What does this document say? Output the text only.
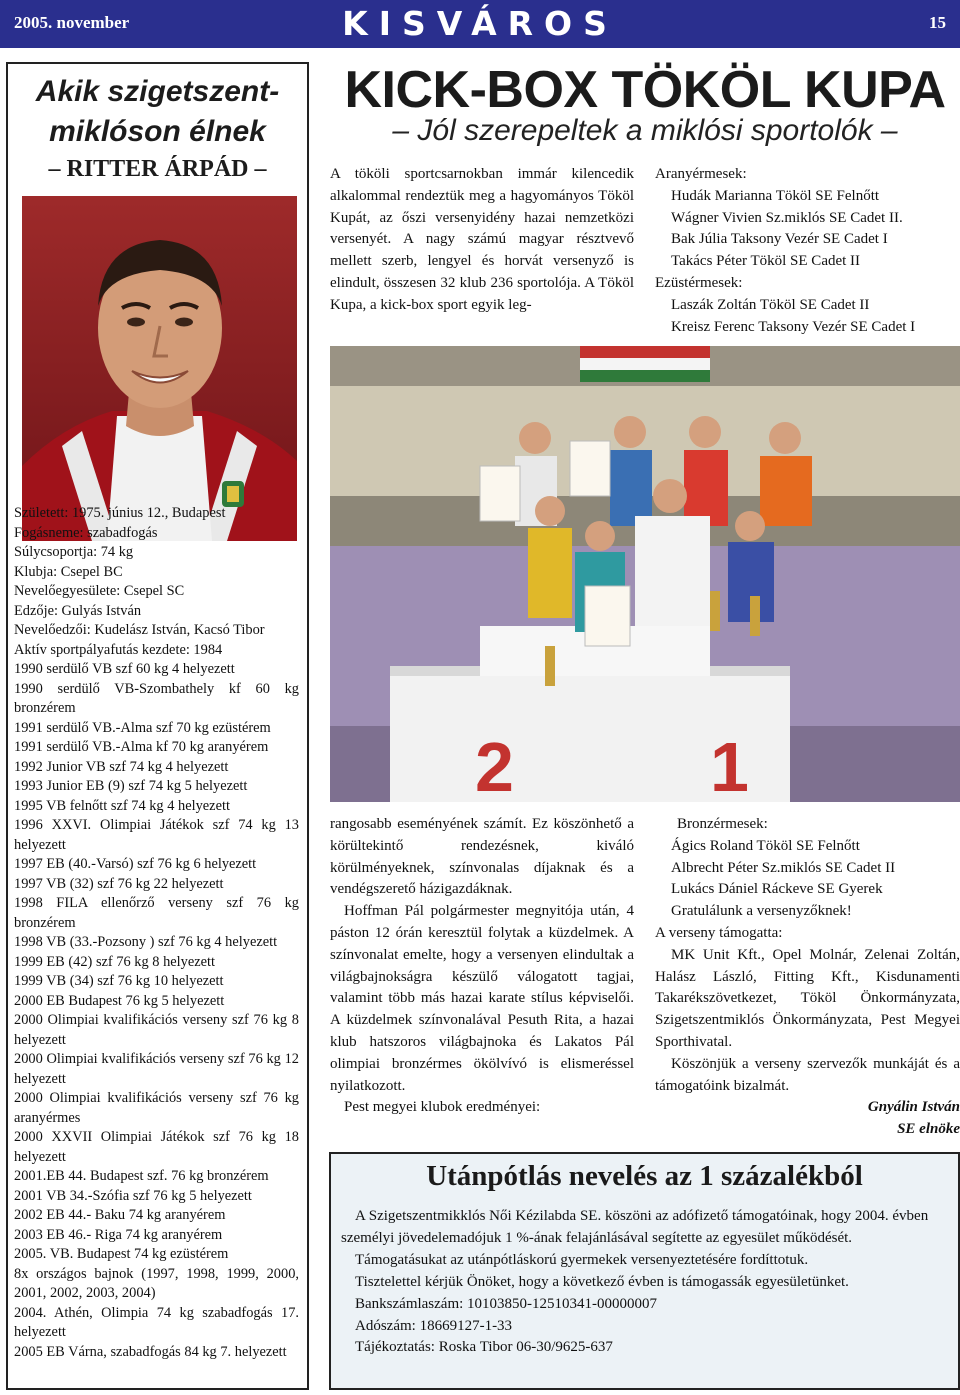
2005. november	KISVÁROS	15
Akik szigetszent-
miklóson élnek
– RITTER ÁRPÁD –
Született: 1975. június 12., Budapest
Fogásneme: szabadfogás
Súlycsoportja: 74 kg
Klubja: Csepel BC
Nevelőegyesülete: Csepel SC
Edzője: Gulyás István
Nevelőedzői: Kudelász István, Kacsó Tibor
Aktív sportpályafutás kezdete: 1984
1990 serdülő VB szf 60 kg 4 helyezett
1990 serdülő VB-Szombathely kf 60 kg bronzérem
1991 serdülő VB.-Alma szf 70 kg ezüstérem
1991 serdülő VB.-Alma kf 70 kg aranyérem
1992 Junior VB szf 74 kg 4 helyezett
1993 Junior EB (9) szf 74 kg 5 helyezett
1995 VB felnőtt szf 74 kg 4 helyezett
1996 XXVI. Olimpiai Játékok szf 74 kg 13 helyezett
1997 EB (40.-Varsó) szf 76 kg 6 helyezett
1997 VB (32) szf 76 kg 22 helyezett
1998 FILA ellenőrző verseny szf 76 kg bronzérem
1998 VB (33.-Pozsony ) szf 76 kg 4 helyezett
1999 EB (42) szf 76 kg 8 helyezett
1999 VB (34) szf 76 kg 10 helyezett
2000 EB Budapest 76 kg 5 helyezett
2000 Olimpiai kvalifikációs verseny szf 76 kg 8 helyezett
2000 Olimpiai kvalifikációs verseny szf 76 kg 12 helyezett
2000 Olimpiai kvalifikációs verseny szf 76 kg aranyérmes
2000 XXVII Olimpiai Játékok szf 76 kg 18 helyezett
2001.EB 44. Budapest szf. 76 kg bronzérem
2001 VB 34.-Szófia szf 76 kg 5 helyezett
2002 EB 44.- Baku 74 kg aranyérem
2003 EB 46.- Riga 74 kg aranyérem
2005. VB. Budapest 74 kg ezüstérem
8x országos bajnok (1997, 1998, 1999, 2000, 2001, 2002, 2003, 2004)
2004. Athén, Olimpia 74 kg szabadfogás 17. helyezett
2005 EB Várna, szabadfogás 84 kg 7. helyezett
KICK-BOX TÖKÖL KUPA
– Jól szerepeltek a miklósi sportolók –
A tököli sportcsarnokban immár kilencedik alkalommal rendeztük meg a hagyományos Tököl Kupát, az őszi versenyidény hazai nemzetközi versenyét. A nagy számú magyar résztvevő mellett szerb, lengyel és horvát versenyző is elindult, összesen 32 klub 236 sportolója. A Tököl Kupa, a kick-box sport egyik leg-
Aranyérmesek:
Hudák Marianna Tököl SE Felnőtt
Wágner Vivien Sz.miklós SE Cadet II.
Bak Júlia Taksony Vezér SE Cadet I
Takács Péter Tököl SE Cadet II
Ezüstérmesek:
Laszák Zoltán Tököl SE Cadet II
Kreisz Ferenc Taksony Vezér SE Cadet I
2	1

rangosabb eseményének számít. Ez köszönhető a körültekintő rendezésnek, kiváló körülményeknek, színvonalas díjaknak és a vendégszerető házigazdáknak.

Hoffman Pál polgármester megnyitója után, 4 páston 12 órán keresztül folytak a küzdelmek. A színvonalat emelte, hogy a versenyen elindultak a világbajnokságra készülő válogatott tagjai, valamint több más hazai karate stílus képviselői. A küzdelmek színvonalával Pesuth Rita, a hazai klub hatszoros világbajnoka és Lakatos Pál olimpiai bronzérmes ökölvívó is elismeréssel nyilatkozott.

Pest megyei klubok eredményei:

Bronzérmesek:
Ágics Roland Tököl SE Felnőtt
Albrecht Péter Sz.miklós SE Cadet II
Lukács Dániel Ráckeve SE Gyerek
Gratulálunk a versenyzőknek!
A verseny támogatta:
MK Unit Kft., Opel Molnár, Zelenai Zoltán, Halász László, Fitting Kft., Kisdunamenti Takarékszövetkezet, Tököl Önkormányzata, Szigetszentmiklós Önkormányzata, Pest Megyei Sporthivatal.
Köszönjük a verseny szervezők munkáját és a támogatóink bizalmát.
Gnyálin István
SE elnöke
Utánpótlás nevelés az 1 százalékból

A Szigetszentmikklós Női Kézilabda SE. köszöni az adófizető támogatóinak, hogy 2004. évben személyi jövedelemadójuk 1 %-ának felajánlásával segítette az egyesület működését.

Támogatásukat az utánpótláskorú gyermekek versenyeztetésére fordíttotuk.

Tisztelettel kérjük Önöket, hogy a következő évben is támogassák egyesületünket.

Bankszámlaszám: 10103850-12510341-00000007

Adószám: 18669127-1-33

Tájékoztatás: Roska Tibor 06-30/9625-637
